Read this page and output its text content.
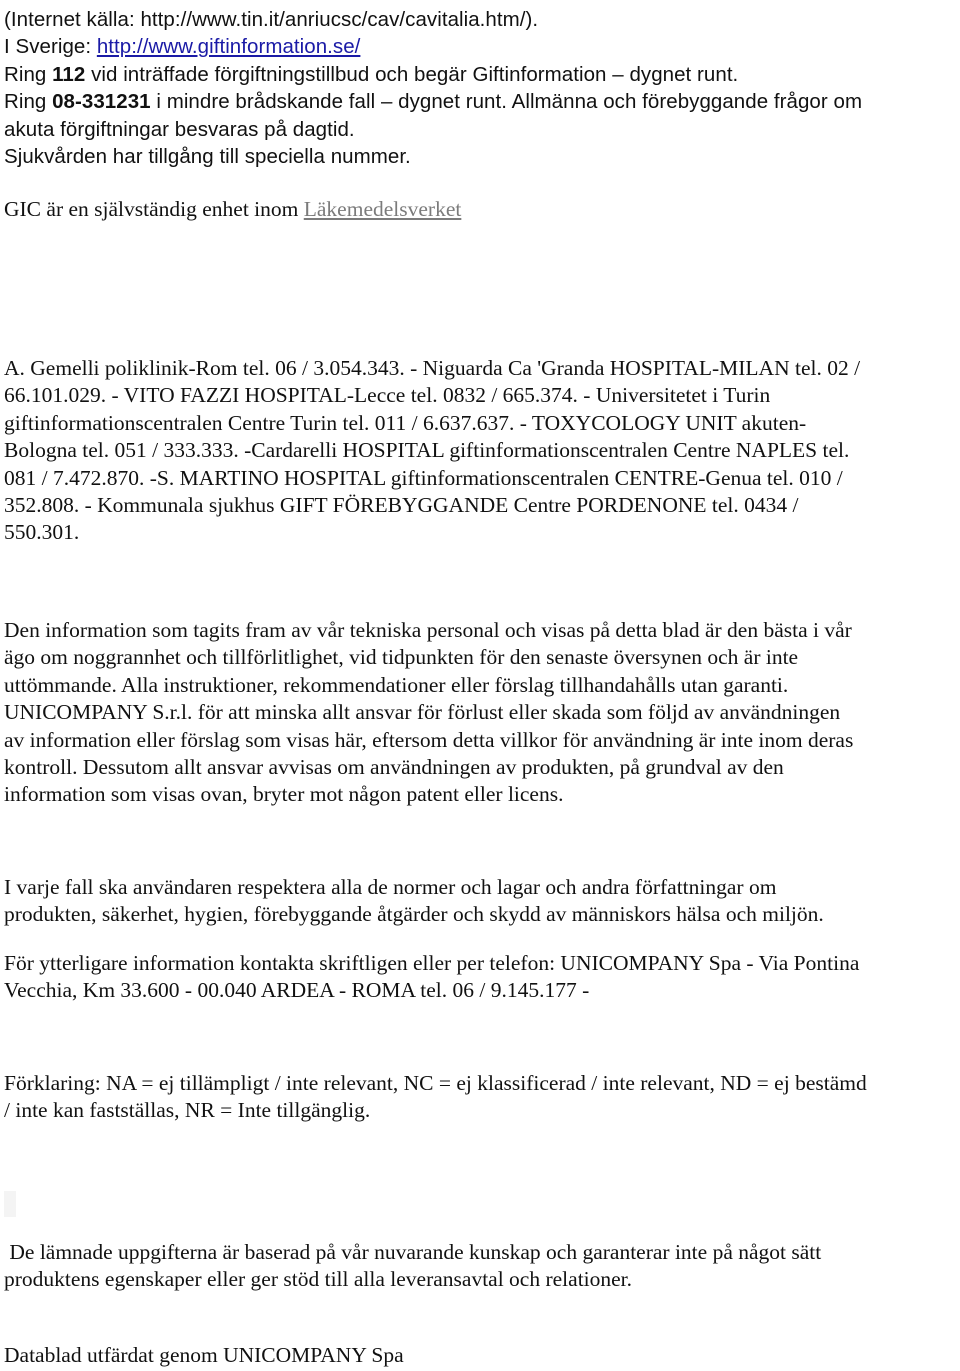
(Internet källa: http://www.tin.it/anriucsc/cav/cavitalia.htm/).
I Sverige: http://www.giftinformation.se/
Ring 112 vid inträffade förgiftningstillbud och begär Giftinformation – dygnet runt.
Ring 08-331231 i mindre brådskande fall – dygnet runt. Allmänna och förebyggande frågor om
akuta förgiftningar besvaras på dagtid.
Sjukvården har tillgång till speciella nummer.
GIC är en självständig enhet inom Läkemedelsverket
A. Gemelli poliklinik-Rom tel. 06 / 3.054.343. - Niguarda Ca 'Granda HOSPITAL-MILAN tel. 02 /
66.101.029. - VITO FAZZI HOSPITAL-Lecce tel. 0832 / 665.374. - Universitetet i Turin
giftinformationscentralen Centre Turin tel. 011 / 6.637.637. - TOXYCOLOGY UNIT akuten-
Bologna tel. 051 / 333.333. -Cardarelli HOSPITAL giftinformationscentralen Centre NAPLES tel.
081 / 7.472.870. -S. MARTINO HOSPITAL giftinformationscentralen CENTRE-Genua tel. 010 /
352.808. - Kommunala sjukhus GIFT FÖREBYGGANDE Centre PORDENONE tel. 0434 /
550.301.
Den information som tagits fram av vår tekniska personal och visas på detta blad är den bästa i vår
ägo om noggrannhet och tillförlitlighet, vid tidpunkten för den senaste översynen och är inte
uttömmande. Alla instruktioner, rekommendationer eller förslag tillhandahålls utan garanti.
UNICOMPANY S.r.l. för att minska allt ansvar för förlust eller skada som följd av användningen
av information eller förslag som visas här, eftersom detta villkor för användning är inte inom deras
kontroll. Dessutom allt ansvar avvisas om användningen av produkten, på grundval av den
information som visas ovan, bryter mot någon patent eller licens.
I varje fall ska användaren respektera alla de normer och lagar och andra författningar om
produkten, säkerhet, hygien, förebyggande åtgärder och skydd av människors hälsa och miljön.
För ytterligare information kontakta skriftligen eller per telefon: UNICOMPANY Spa - Via Pontina
Vecchia, Km 33.600 - 00.040 ARDEA - ROMA tel. 06 / 9.145.177 -
Förklaring: NA = ej tillämpligt / inte relevant, NC = ej klassificerad / inte relevant, ND = ej bestämd
/ inte kan fastställas, NR = Inte tillgänglig.
De lämnade uppgifterna är baserad på vår nuvarande kunskap och garanterar inte på något sätt
produktens egenskaper eller ger stöd till alla leveransavtal och relationer.
Datablad utfärdat genom UNICOMPANY Spa
